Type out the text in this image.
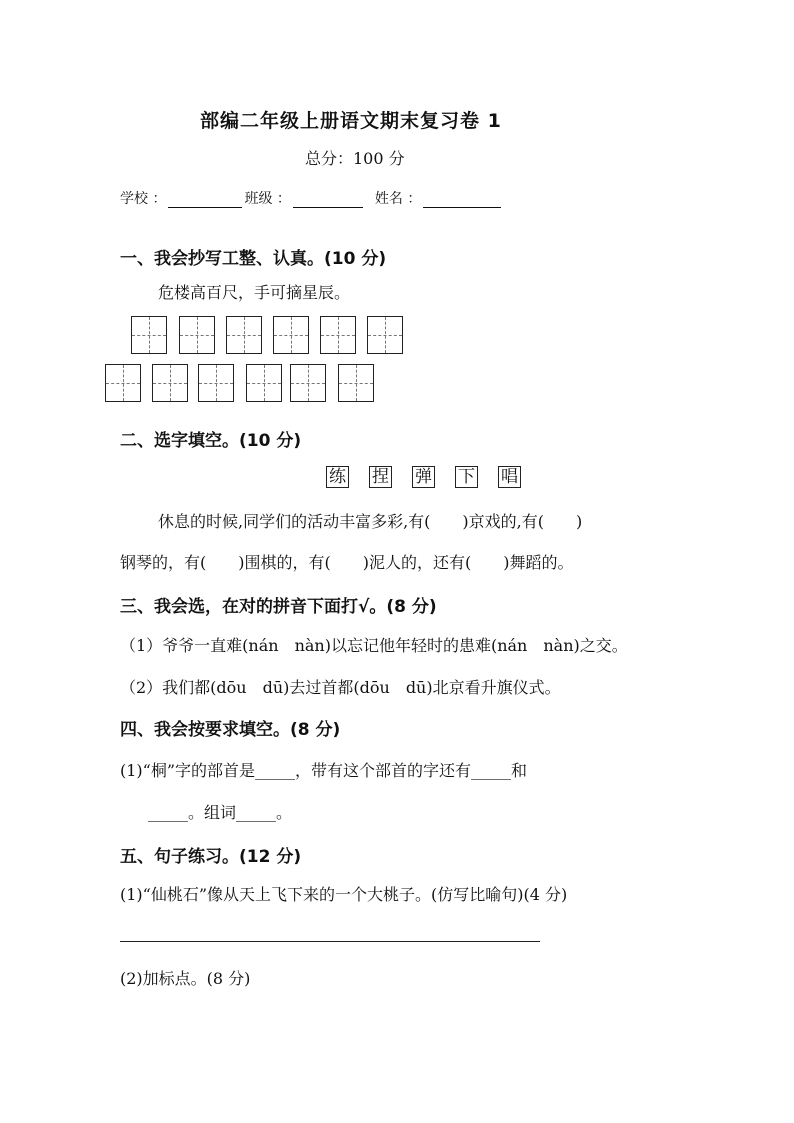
部编二年级上册语文期末复习卷 1
总分：100 分
学校 ：	班级 ：	姓名 ：
一、我会抄写工整、认真。(10 分)
危楼高百尺，手可摘星辰。
二、选字填空。(10 分)
练 捏 弹 下 唱
休息的时候,同学们的活动丰富多彩,有(　　)京戏的,有(　　)
钢琴的，有(　　)围棋的，有(　　)泥人的，还有(　　)舞蹈的。
三、我会选，在对的拼音下面打√。(8 分)
（1）爷爷一直难(nán　nàn)以忘记他年轻时的患难(nán　nàn)之交。
（2）我们都(dōu　dū)去过首都(dōu　dū)北京看升旗仪式。
四、我会按要求填空。(8 分)
(1)“桐”字的部首是_____，带有这个部首的字还有_____和
_____。组词_____。
五、句子练习。(12 分)
(1)“仙桃石”像从天上飞下来的一个大桃子。(仿写比喻句)(4 分)
(2)加标点。(8 分)
